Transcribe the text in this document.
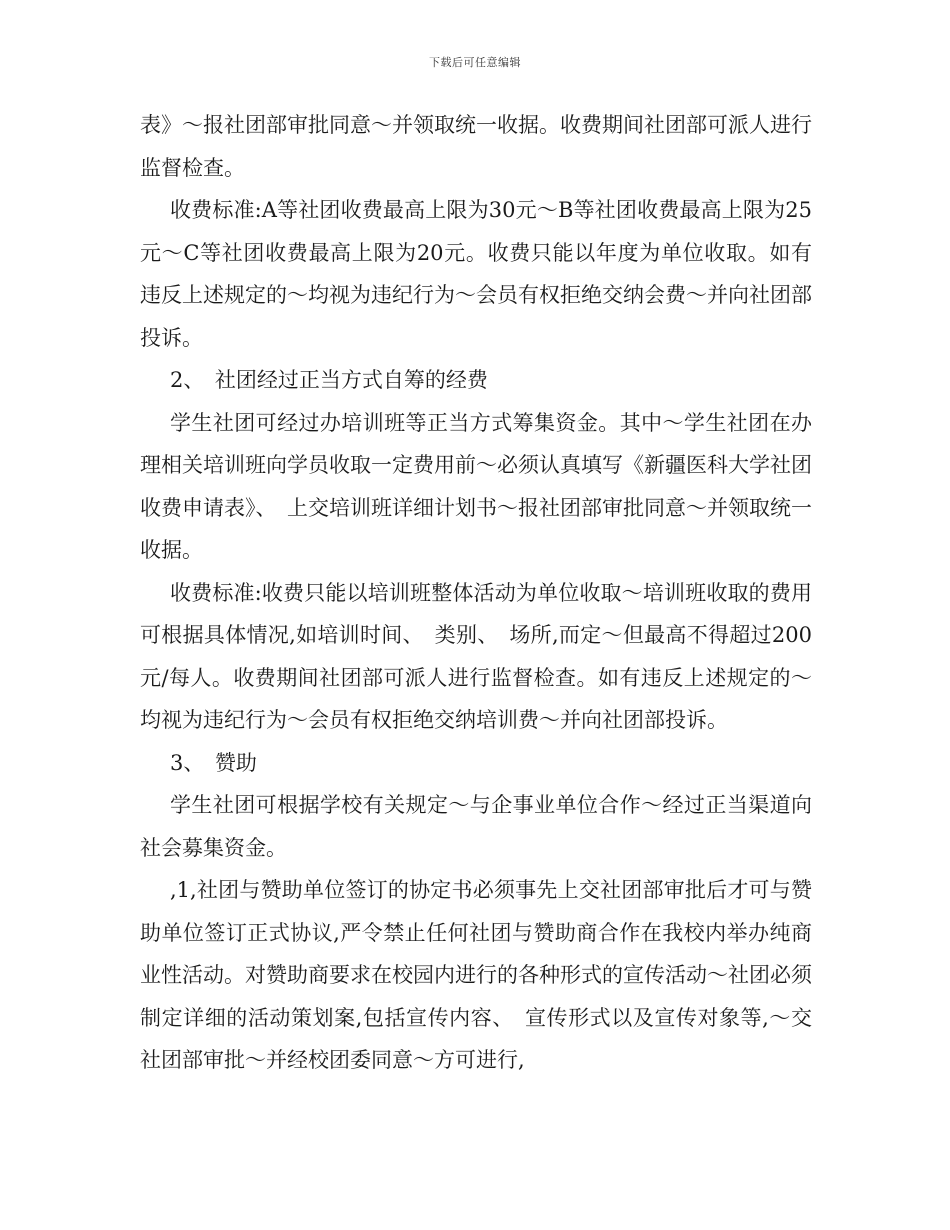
下载后可任意编辑

表》～报社团部审批同意～并领取统一收据。收费期间社团部可派人进行监督检查。

收费标准:A等社团收费最高上限为30元～B等社团收费最高上限为25元～C等社团收费最高上限为20元。收费只能以年度为单位收取。如有违反上述规定的～均视为违纪行为～会员有权拒绝交纳会费～并向社团部投诉。

2、　社团经过正当方式自筹的经费

学生社团可经过办培训班等正当方式筹集资金。其中～学生社团在办理相关培训班向学员收取一定费用前～必须认真填写《新疆医科大学社团收费申请表》、　上交培训班详细计划书～报社团部审批同意～并领取统一收据。

收费标准:收费只能以培训班整体活动为单位收取～培训班收取的费用可根据具体情况,如培训时间、　类别、　场所,而定～但最高不得超过200元/每人。收费期间社团部可派人进行监督检查。如有违反上述规定的～均视为违纪行为～会员有权拒绝交纳培训费～并向社团部投诉。

3、　赞助

学生社团可根据学校有关规定～与企事业单位合作～经过正当渠道向社会募集资金。

,1,社团与赞助单位签订的协定书必须事先上交社团部审批后才可与赞助单位签订正式协议,严令禁止任何社团与赞助商合作在我校内举办纯商业性活动。对赞助商要求在校园内进行的各种形式的宣传活动～社团必须制定详细的活动策划案,包括宣传内容、　宣传形式以及宣传对象等,～交社团部审批～并经校团委同意～方可进行,
